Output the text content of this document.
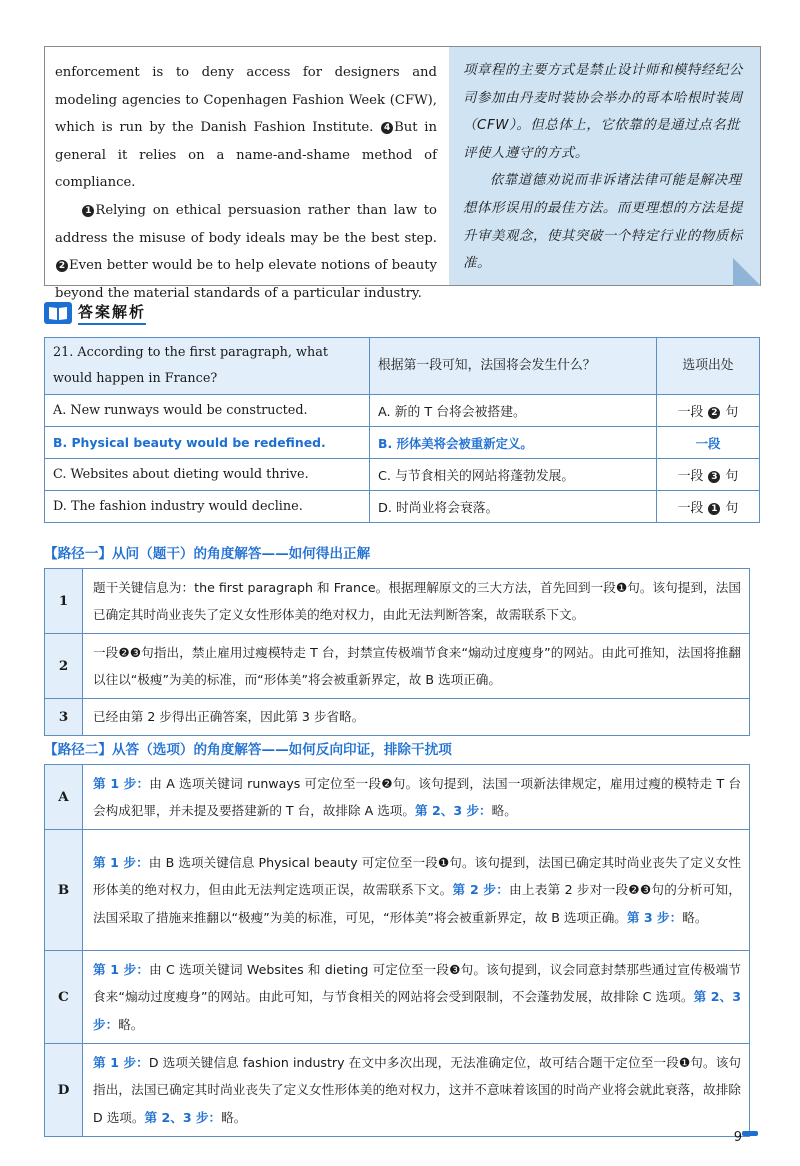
enforcement is to deny access for designers and modeling agencies to Copenhagen Fashion Week (CFW), which is run by the Danish Fashion Institute. 4 But in general it relies on a name-and-shame method of compliance.

1 Relying on ethical persuasion rather than law to address the misuse of body ideals may be the best step. 2 Even better would be to help elevate notions of beauty beyond the material standards of a particular industry.

项章程的主要方式是禁止设计师和模特经纪公司参加由丹麦时装协会举办的哥本哈根时装周（CFW）。但总体上，它依靠的是通过点名批评使人遵守的方式。

依靠道德劝说而非诉诸法律可能是解决理想体形误用的最佳方法。而更理想的方法是提升审美观念，使其突破一个特定行业的物质标准。

答案解析
21. According to the first paragraph, what would happen in France?	根据第一段可知，法国将会发生什么？	选项出处
A. New runways would be constructed.	A. 新的 T 台将会被搭建。	一段 2 句
B. Physical beauty would be redefined.	B. 形体美将会被重新定义。	一段
C. Websites about dieting would thrive.	C. 与节食相关的网站将蓬勃发展。	一段 3 句
D. The fashion industry would decline.	D. 时尚业将会衰落。	一段 1 句
【路径一】从问（题干）的角度解答——如何得出正解
1	题干关键信息为：the first paragraph 和 France。根据理解原文的三大方法，首先回到一段❶句。该句提到，法国已确定其时尚业丧失了定义女性形体美的绝对权力，由此无法判断答案，故需联系下文。
2	一段❷❸句指出，禁止雇用过瘦模特走 T 台，封禁宣传极端节食来“煽动过度瘦身”的网站。由此可推知，法国将推翻以往以“极瘦”为美的标准，而“形体美”将会被重新界定，故 B 选项正确。
3	已经由第 2 步得出正确答案，因此第 3 步省略。
【路径二】从答（选项）的角度解答——如何反向印证，排除干扰项
A	第 1 步：由 A 选项关键词 runways 可定位至一段❷句。该句提到，法国一项新法律规定，雇用过瘦的模特走 T 台会构成犯罪，并未提及要搭建新的 T 台，故排除 A 选项。第 2、3 步：略。
B	第 1 步：由 B 选项关键信息 Physical beauty 可定位至一段❶句。该句提到，法国已确定其时尚业丧失了定义女性形体美的绝对权力，但由此无法判定选项正误，故需联系下文。第 2 步：由上表第 2 步对一段❷❸句的分析可知，法国采取了措施来推翻以“极瘦”为美的标准，可见，“形体美”将会被重新界定，故 B 选项正确。第 3 步：略。
C	第 1 步：由 C 选项关键词 Websites 和 dieting 可定位至一段❸句。该句提到，议会同意封禁那些通过宣传极端节食来“煽动过度瘦身”的网站。由此可知，与节食相关的网站将会受到限制，不会蓬勃发展，故排除 C 选项。第 2、3 步：略。
D	第 1 步：D 选项关键信息 fashion industry 在文中多次出现，无法准确定位，故可结合题干定位至一段❶句。该句指出，法国已确定其时尚业丧失了定义女性形体美的绝对权力，这并不意味着该国的时尚产业将会就此衰落，故排除 D 选项。第 2、3 步：略。
9
